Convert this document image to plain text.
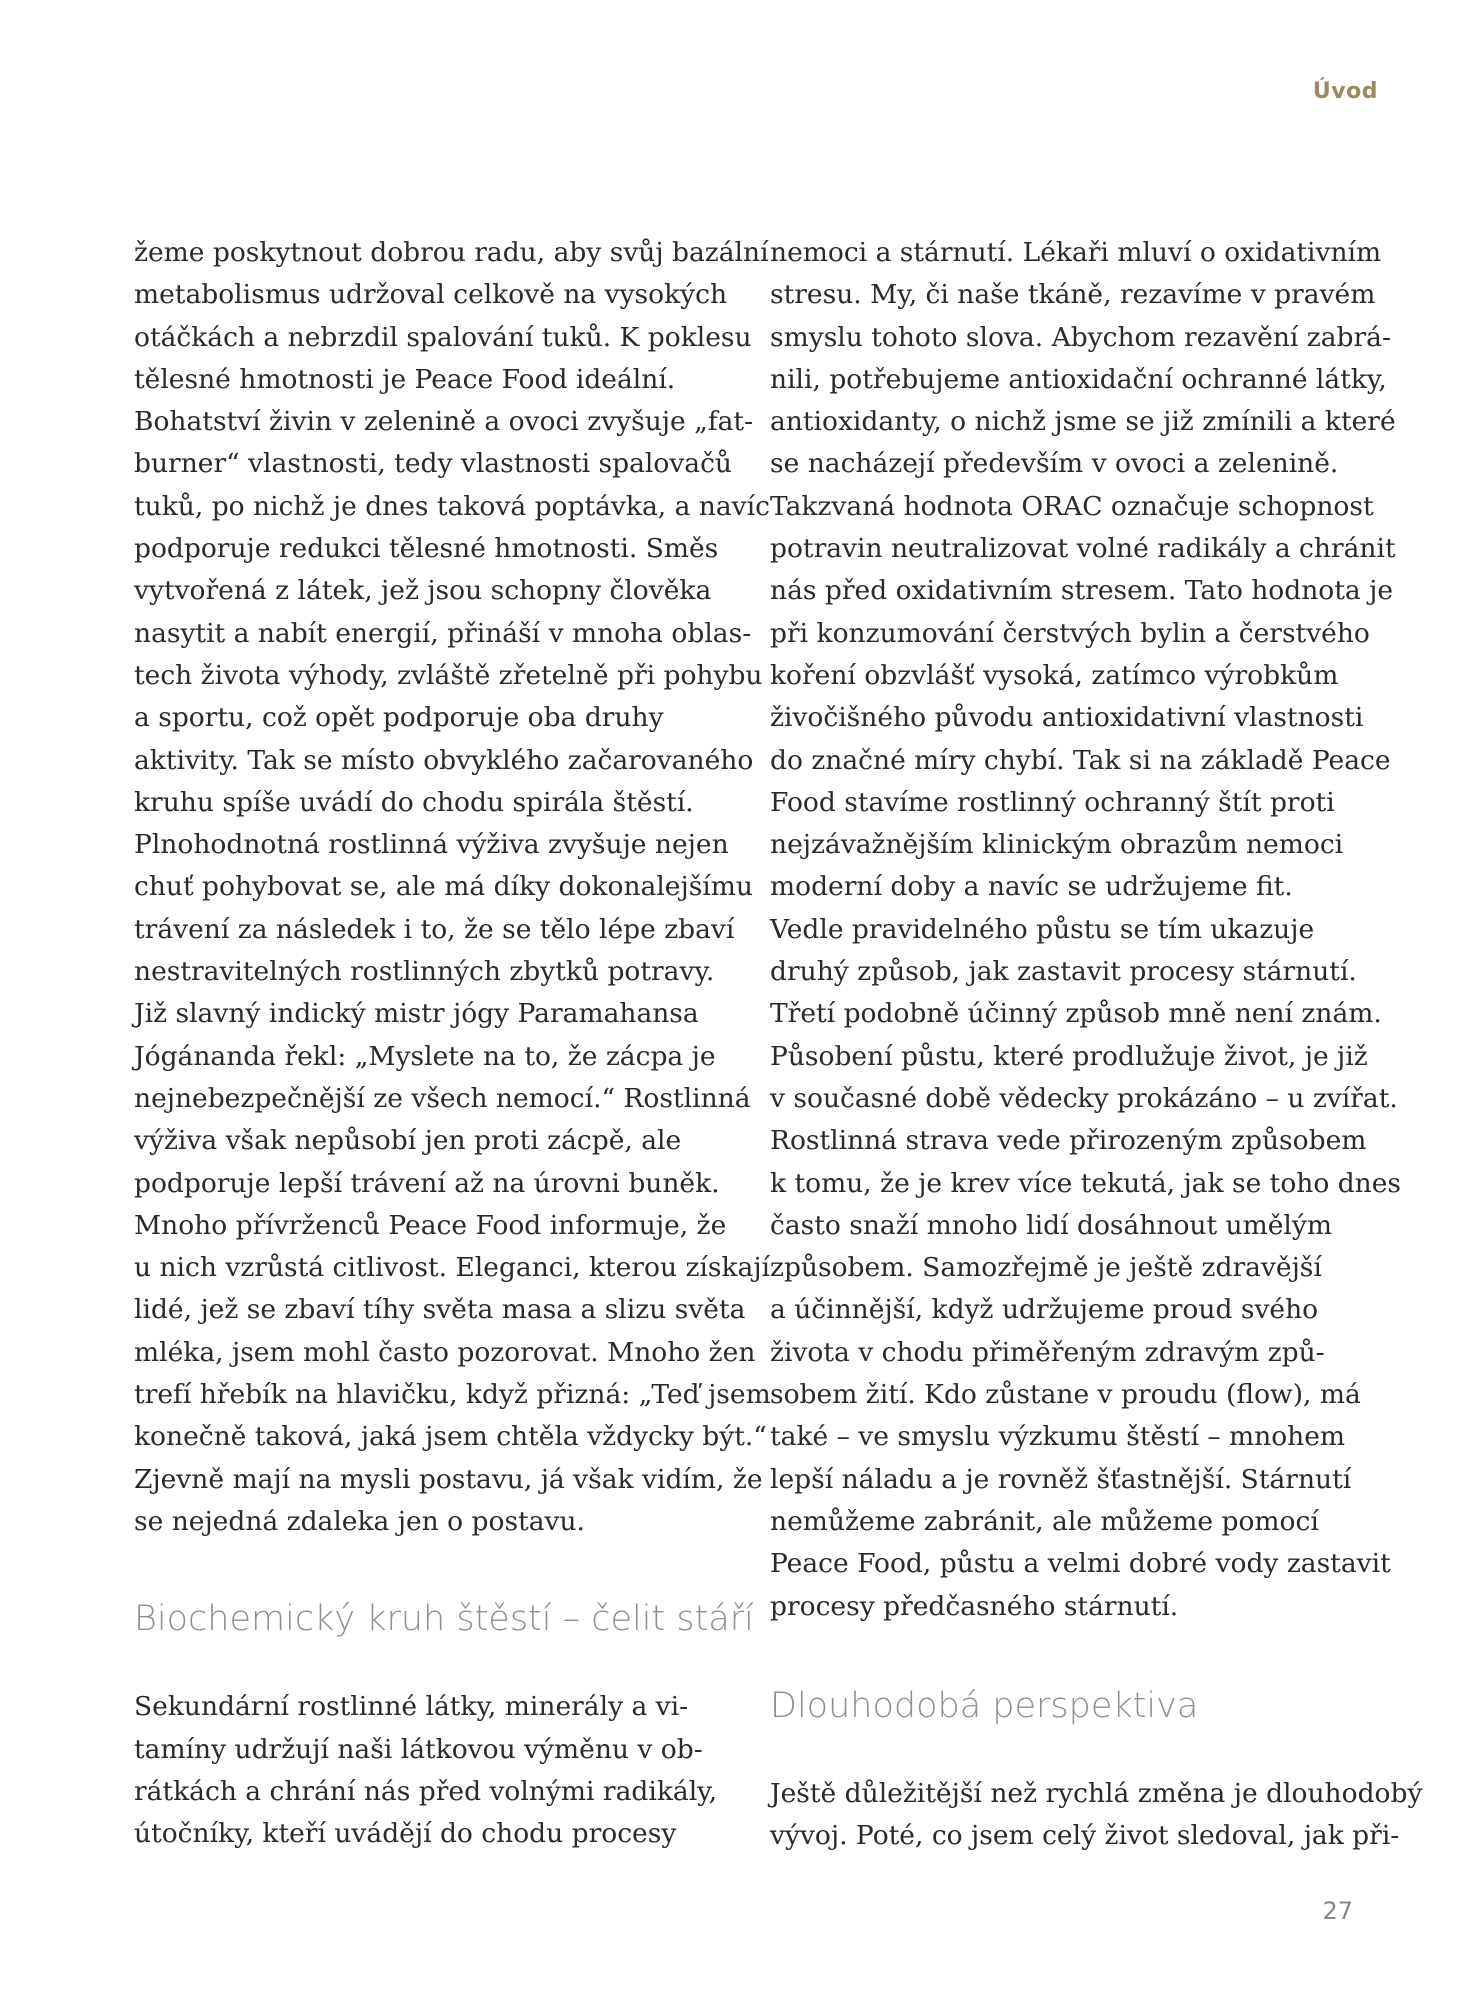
Úvod
žeme poskytnout dobrou radu, aby svůj bazální
metabolismus udržoval celkově na vysokých
otáčkách a nebrzdil spalování tuků. K poklesu
tělesné hmotnosti je Peace Food ideální.
Bohatství živin v zelenině a ovoci zvyšuje „fat-
burner“ vlastnosti, tedy vlastnosti spalovačů
tuků, po nichž je dnes taková poptávka, a navíc
podporuje redukci tělesné hmotnosti. Směs
vytvořená z látek, jež jsou schopny člověka
nasytit a nabít energií, přináší v mnoha oblas-
tech života výhody, zvláště zřetelně při pohybu
a sportu, což opět podporuje oba druhy
aktivity. Tak se místo obvyklého začarovaného
kruhu spíše uvádí do chodu spirála štěstí.
Plnohodnotná rostlinná výživa zvyšuje nejen
chuť pohybovat se, ale má díky dokonalejšímu
trávení za následek i to, že se tělo lépe zbaví
nestravitelných rostlinných zbytků potravy.
Již slavný indický mistr jógy Paramahansa
Jógánanda řekl: „Myslete na to, že zácpa je
nejnebezpečnější ze všech nemocí.“ Rostlinná
výživa však nepůsobí jen proti zácpě, ale
podporuje lepší trávení až na úrovni buněk.
Mnoho přívrženců Peace Food informuje, že
u nich vzrůstá citlivost. Eleganci, kterou získají
lidé, jež se zbaví tíhy světa masa a slizu světa
mléka, jsem mohl často pozorovat. Mnoho žen
trefí hřebík na hlavičku, když přizná: „Teď jsem
konečně taková, jaká jsem chtěla vždycky být.“
Zjevně mají na mysli postavu, já však vidím, že
se nejedná zdaleka jen o postavu.
Biochemický kruh štěstí – čelit stáří
Sekundární rostlinné látky, minerály a vi-
tamíny udržují naši látkovou výměnu v ob-
rátkách a chrání nás před volnými radikály,
útočníky, kteří uvádějí do chodu procesy
nemoci a stárnutí. Lékaři mluví o oxidativním
stresu. My, či naše tkáně, rezavíme v pravém
smyslu tohoto slova. Abychom rezavění zabrá-
nili, potřebujeme antioxidační ochranné látky,
antioxidanty, o nichž jsme se již zmínili a které
se nacházejí především v ovoci a zelenině.
Takzvaná hodnota ORAC označuje schopnost
potravin neutralizovat volné radikály a chránit
nás před oxidativním stresem. Tato hodnota je
při konzumování čerstvých bylin a čerstvého
koření obzvlášť vysoká, zatímco výrobkům
živočišného původu antioxidativní vlastnosti
do značné míry chybí. Tak si na základě Peace
Food stavíme rostlinný ochranný štít proti
nejzávažnějším klinickým obrazům nemoci
moderní doby a navíc se udržujeme fit.
Vedle pravidelného půstu se tím ukazuje
druhý způsob, jak zastavit procesy stárnutí.
Třetí podobně účinný způsob mně není znám.
Působení půstu, které prodlužuje život, je již
v současné době vědecky prokázáno – u zvířat.
Rostlinná strava vede přirozeným způsobem
k tomu, že je krev více tekutá, jak se toho dnes
často snaží mnoho lidí dosáhnout umělým
způsobem. Samozřejmě je ještě zdravější
a účinnější, když udržujeme proud svého
života v chodu přiměřeným zdravým způ-
sobem žití. Kdo zůstane v proudu (flow), má
také – ve smyslu výzkumu štěstí – mnohem
lepší náladu a je rovněž šťastnější. Stárnutí
nemůžeme zabránit, ale můžeme pomocí
Peace Food, půstu a velmi dobré vody zastavit
procesy předčasného stárnutí.
Dlouhodobá perspektiva
Ještě důležitější než rychlá změna je dlouhodobý
vývoj. Poté, co jsem celý život sledoval, jak při-
27
